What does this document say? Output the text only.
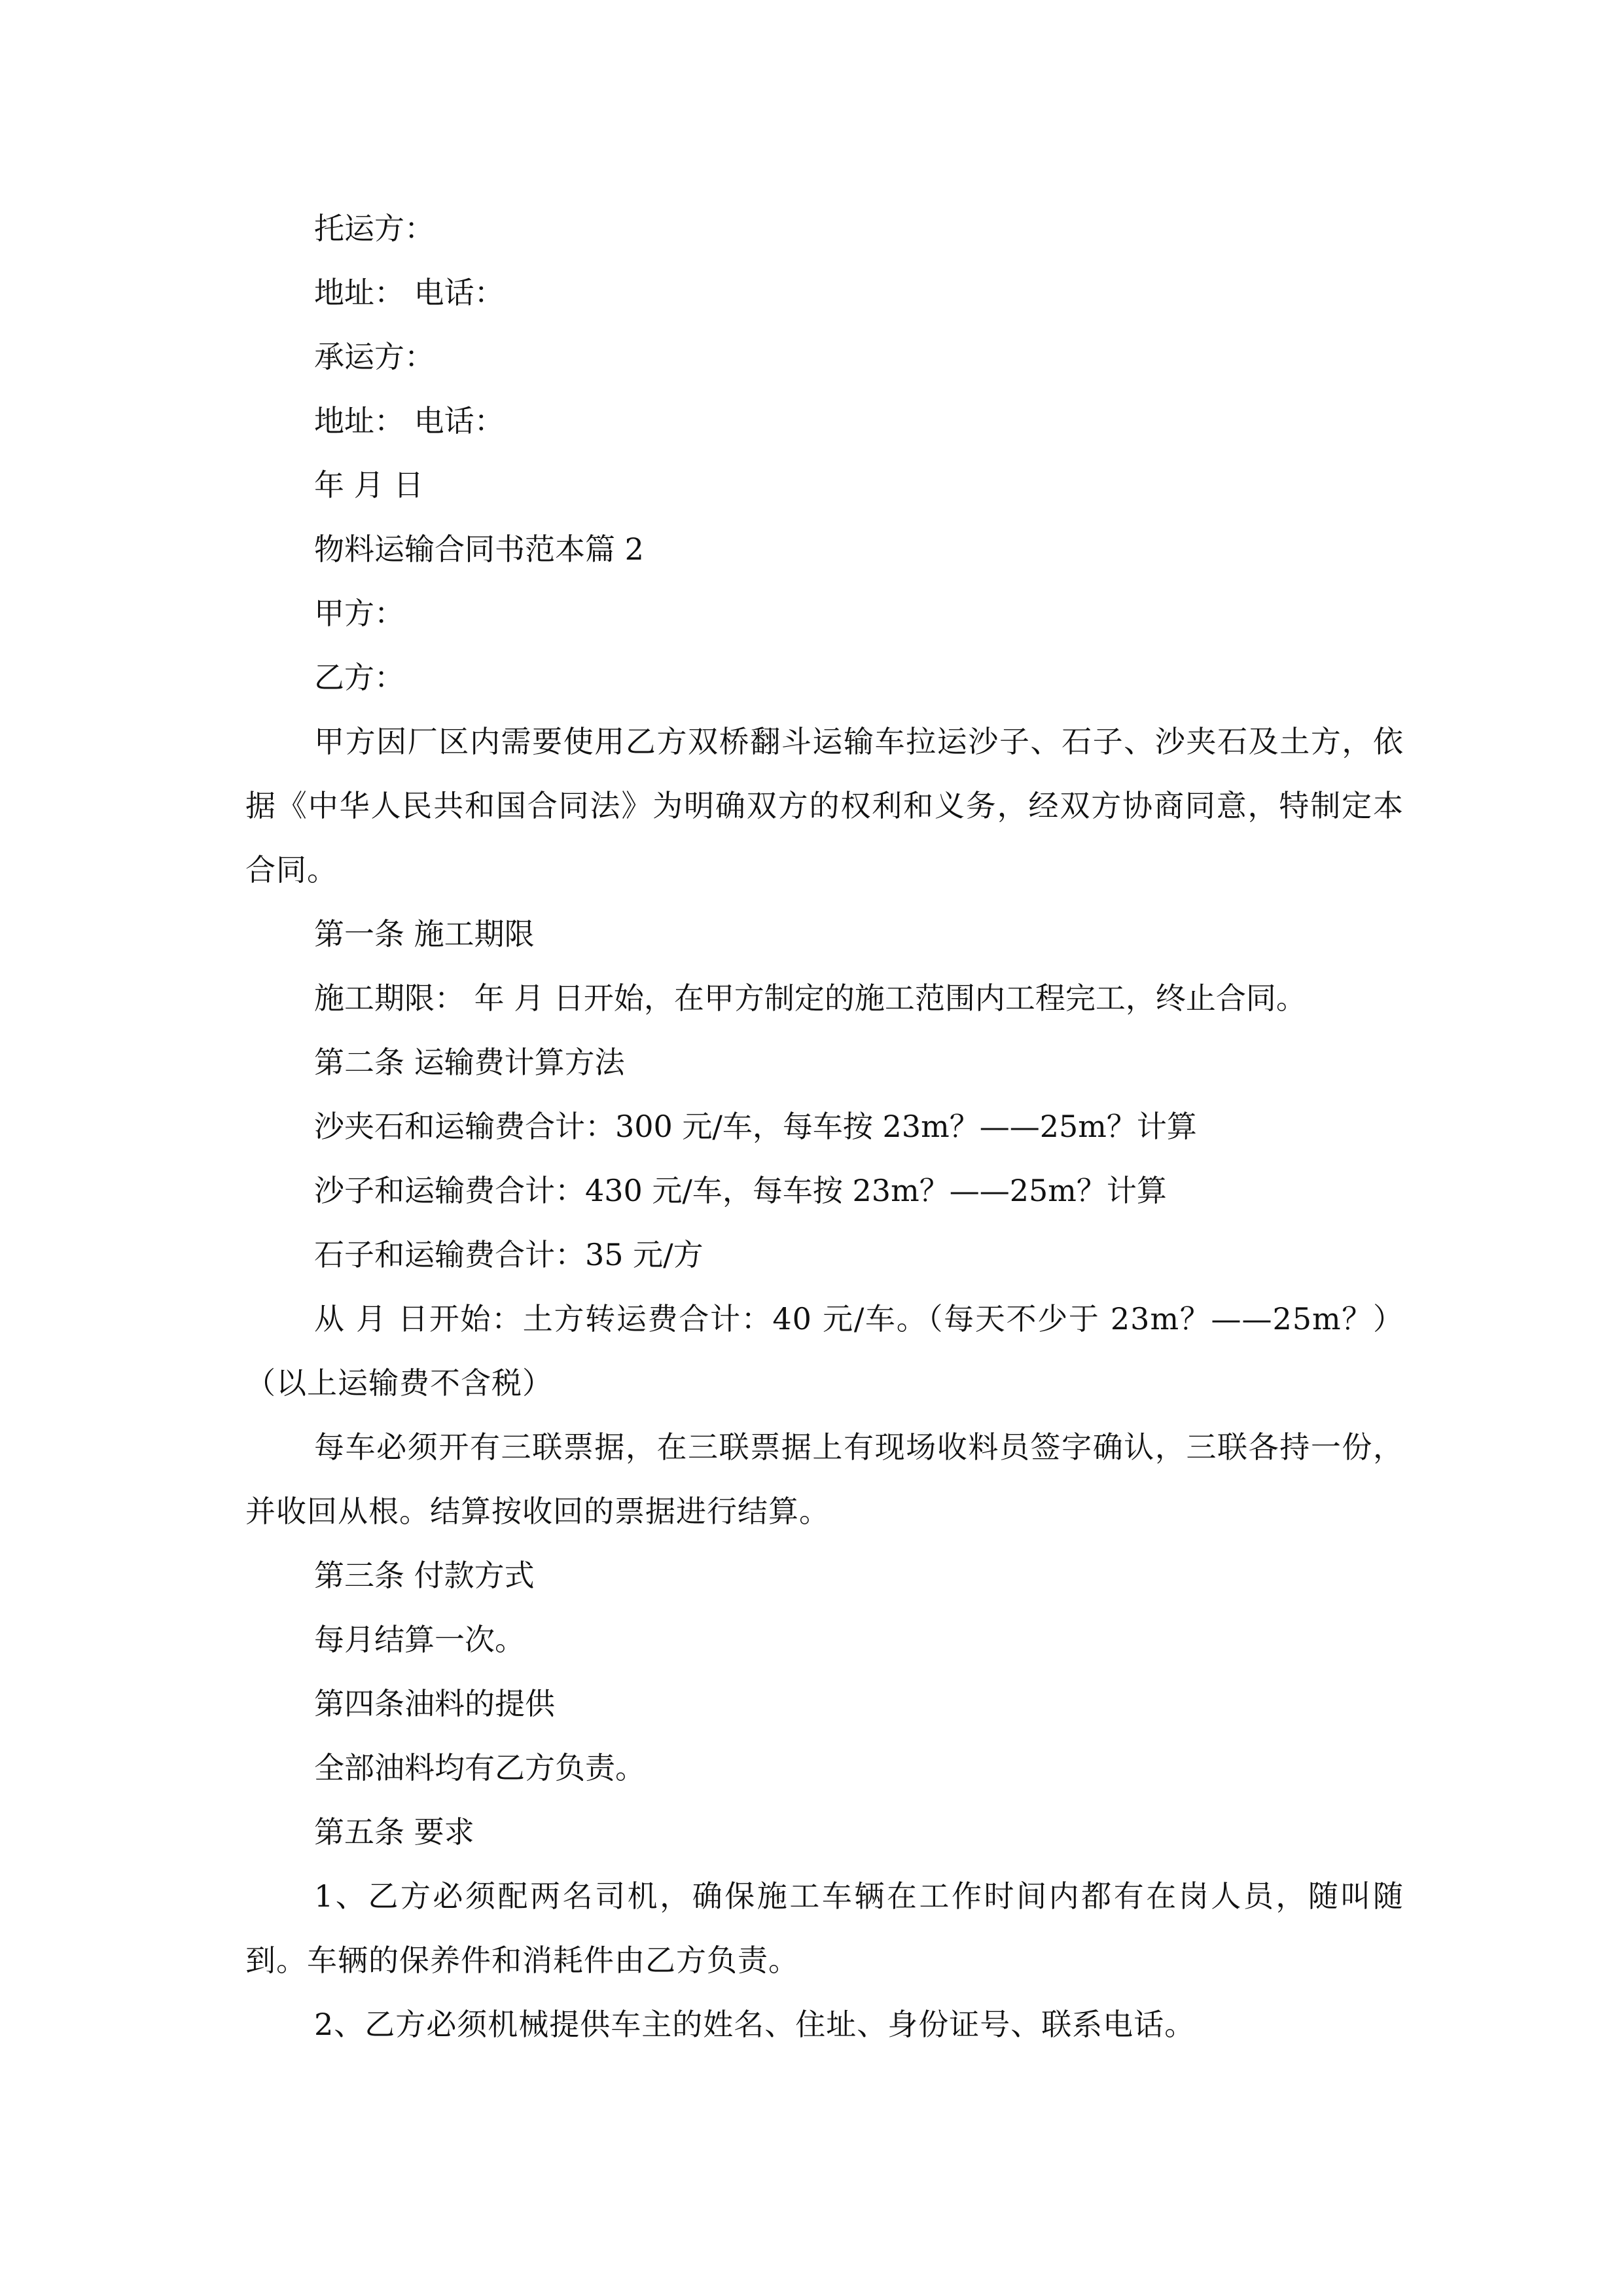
托运方：
地址： 电话：
承运方：
地址： 电话：
年 月 日
物料运输合同书范本篇 2
甲方：
乙方：
甲方因厂区内需要使用乙方双桥翻斗运输车拉运沙子、石子、沙夹石及土方，依据《中华人民共和国合同法》为明确双方的权利和义务，经双方协商同意，特制定本合同。
第一条 施工期限
施工期限： 年 月 日开始，在甲方制定的施工范围内工程完工，终止合同。
第二条 运输费计算方法
沙夹石和运输费合计：300 元/车，每车按 23m？——25m？计算
沙子和运输费合计：430 元/车，每车按 23m？——25m？计算
石子和运输费合计：35 元/方
从 月 日开始：土方转运费合计：40 元/车。（每天不少于 23m？——25m？）（以上运输费不含税）
每车必须开有三联票据，在三联票据上有现场收料员签字确认，三联各持一份，并收回从根。结算按收回的票据进行结算。
第三条 付款方式
每月结算一次。
第四条油料的提供
全部油料均有乙方负责。
第五条 要求
1、乙方必须配两名司机，确保施工车辆在工作时间内都有在岗人员，随叫随到。车辆的保养件和消耗件由乙方负责。
2、乙方必须机械提供车主的姓名、住址、身份证号、联系电话。
